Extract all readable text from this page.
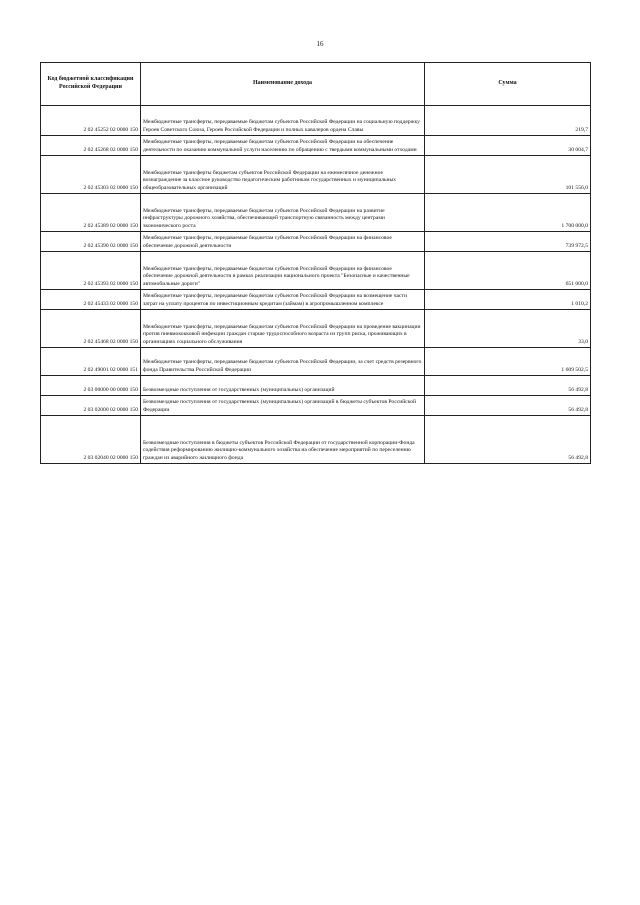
16
Код бюджетной классификации Российской Федерации	Наименование дохода	Сумма
2 02 45252 02 0000 150	Межбюджетные трансферты, передаваемые бюджетам субъектов Российской Федерации на социальную поддержку Героев Советского Союза, Героев Российской Федерации и полных кавалеров ордена Славы	219,7
2 02 45268 02 0000 150	Межбюджетные трансферты, передаваемые бюджетам субъектов Российской Федерации на обеспечение деятельности по оказанию коммунальной услуги населению по обращению с твердыми коммунальными отходами	30 004,7
2 02 45303 02 0000 150	Межбюджетные трансферты бюджетам субъектов Российской Федерации на ежемесячное денежное вознаграждение за классное руководство педагогическим работникам государственных и муниципальных общеобразовательных организаций	101 556,0
2 02 45389 02 0000 150	Межбюджетные трансферты, передаваемые бюджетам субъектов Российской Федерации на развитие инфраструктуры дорожного хозяйства, обеспечивающей транспортную связанность между центрами экономического роста	1 700 000,0
2 02 45390 02 0000 150	Межбюджетные трансферты, передаваемые бюджетам субъектов Российской Федерации на финансовое обеспечение дорожной деятельности	739 972,5
2 02 45393 02 0000 150	Межбюджетные трансферты, передаваемые бюджетам субъектов Российской Федерации на финансовое обеспечение дорожной деятельности в рамках реализации национального проекта "Безопасные и качественные автомобильные дороги"	651 000,0
2 02 45433 02 0000 150	Межбюджетные трансферты, передаваемые бюджетам субъектов Российской Федерации на возмещение части затрат на уплату процентов по инвестиционным кредитам (займам) в агропромышленном комплексе	1 010,2
2 02 45468 02 0000 150	Межбюджетные трансферты, передаваемые бюджетам субъектов Российской Федерации на проведение вакцинации против пневмококковой инфекции граждан старше трудоспособного возраста из групп риска, проживающих в организациях социального обслуживания	33,0
2 02 49001 02 0000 151	Межбюджетные трансферты, передаваемые бюджетам субъектов Российской Федерации, за счет средств резервного фонда Правительства Российской Федерации	1 609 502,5
2 03 00000 00 0000 150	Безвозмездные поступления от государственных (муниципальных) организаций	56 492,8
2 03 02000 02 0000 150	Безвозмездные поступления от государственных (муниципальных) организаций в бюджеты субъектов Российской Федерации	56 492,8
2 03 02040 02 0000 150	Безвозмездные поступления в бюджеты субъектов Российской Федерации от государственной корпорации-Фонда содействия реформированию жилищно-коммунального хозяйства на обеспечение мероприятий по переселению граждан из аварийного жилищного фонда	56 492,8
